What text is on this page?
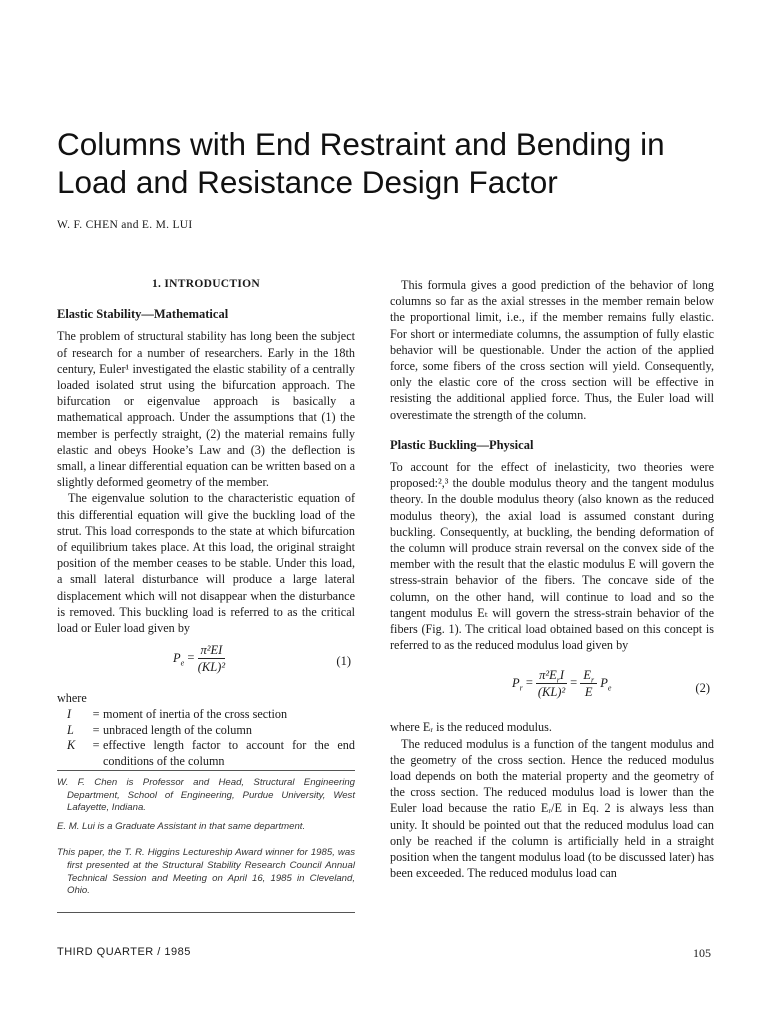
Columns with End Restraint and Bending in
Load and Resistance Design Factor
W. F. CHEN and E. M. LUI
1. INTRODUCTION
Elastic Stability—Mathematical

The problem of structural stability has long been the subject of research for a number of researchers. Early in the 18th century, Euler¹ investigated the elastic stability of a centrally loaded isolated strut using the bifurcation approach. The bifurcation or eigenvalue approach is basically a mathematical approach. Under the assumptions that (1) the member is perfectly straight, (2) the material remains fully elastic and obeys Hooke’s Law and (3) the deflection is small, a linear differential equation can be written based on a slightly deformed geometry of the member.

The eigenvalue solution to the characteristic equation of this differential equation will give the buckling load of the strut. This load corresponds to the state at which bifurcation of equilibrium takes place. At this load, the original straight position of the member ceases to be stable. Under this load, a small lateral disturbance will produce a large lateral displacement which will not disappear when the disturbance is removed. This buckling load is referred to as the critical load or Euler load given by

$P_e = \frac{\text{π²EI}}{\text{(KL)²}}$	(1)
where
I	= moment of inertia of the cross section
L	= unbraced length of the column
K	= effective length factor to account for the end conditions of the column

W. F. Chen is Professor and Head, Structural Engineering Department, School of Engineering, Purdue University, West Lafayette, Indiana.

E. M. Lui is a Graduate Assistant in that same department.

This paper, the T. R. Higgins Lectureship Award winner for 1985, was first presented at the Structural Stability Research Council Annual Technical Session and Meeting on April 16, 1985 in Cleveland, Ohio.

This formula gives a good prediction of the behavior of long columns so far as the axial stresses in the member remain below the proportional limit, i.e., if the member remains fully elastic. For short or intermediate columns, the assumption of fully elastic behavior will be questionable. Under the action of the applied force, some fibers of the cross section will yield. Consequently, only the elastic core of the cross section will be effective in resisting the additional applied force. Thus, the Euler load will overestimate the strength of the column.

Plastic Buckling—Physical

To account for the effect of inelasticity, two theories were proposed:²,³ the double modulus theory and the tangent modulus theory. In the double modulus theory (also known as the reduced modulus theory), the axial load is assumed constant during buckling. Consequently, at buckling, the bending deformation of the column will produce strain reversal on the convex side of the member with the result that the elastic modulus E will govern the stress-strain behavior of the fibers. The concave side of the column, on the other hand, will continue to load and so the tangent modulus Eₜ will govern the stress-strain behavior of the fibers (Fig. 1). The critical load obtained based on this concept is referred to as the reduced modulus load given by

$P_r = \frac{\pi^2E_rI}{\text{(KL)²}} = \frac{E_r}{E} P_e$	(2)

where Eᵣ is the reduced modulus.

The reduced modulus is a function of the tangent modulus and the geometry of the cross section. Hence the reduced modulus load depends on both the material property and the geometry of the cross section. The reduced modulus load is lower than the Euler load because the ratio Eᵣ/E in Eq. 2 is always less than unity. It should be pointed out that the reduced modulus load can only be reached if the column is artificially held in a straight position when the tangent modulus load (to be discussed later) has been exceeded. The reduced modulus load can

THIRD QUARTER / 1985	105
